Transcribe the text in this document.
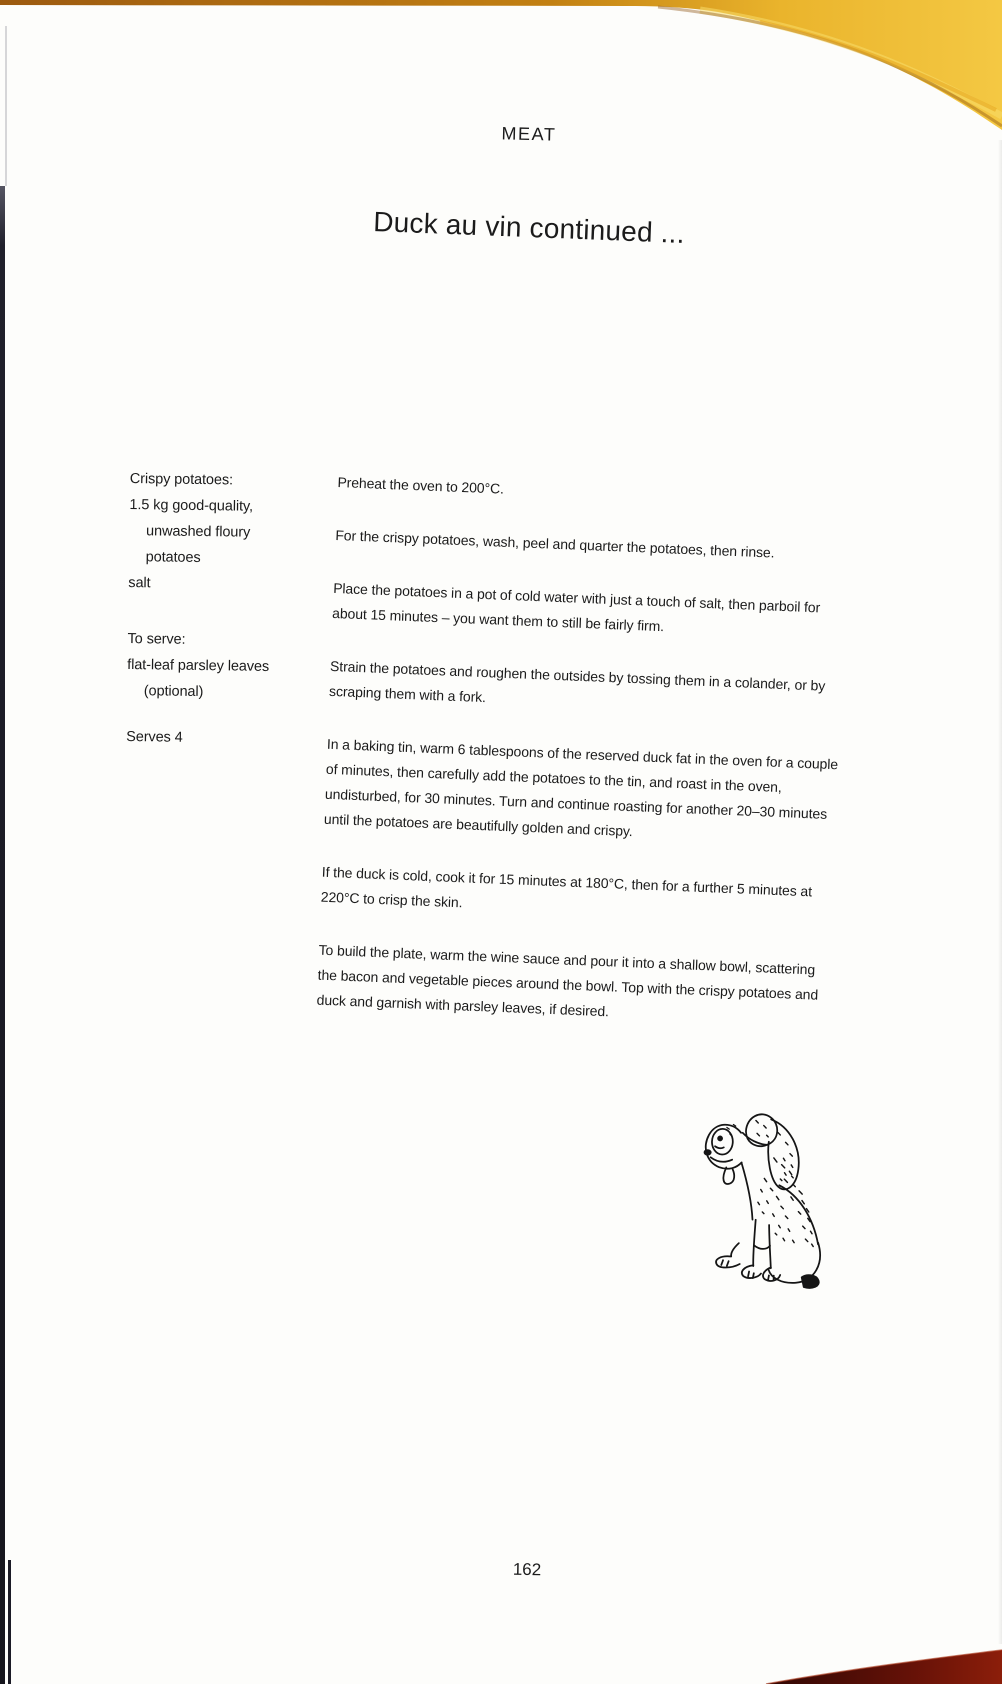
MEAT
Duck au vin continued ...
Crispy potatoes:
1.5 kg good-quality,
unwashed floury
potatoes
salt
To serve:
flat-leaf parsley leaves
(optional)
Serves 4

Preheat the oven to 200°C.

For the crispy potatoes, wash, peel and quarter the potatoes, then rinse.

Place the potatoes in a pot of cold water with just a touch of salt, then parboil for about 15 minutes – you want them to still be fairly firm.

Strain the potatoes and roughen the outsides by tossing them in a colander, or by scraping them with a fork.

In a baking tin, warm 6 tablespoons of the reserved duck fat in the oven for a couple of minutes, then carefully add the potatoes to the tin, and roast in the oven, undisturbed, for 30 minutes. Turn and continue roasting for another 20–30 minutes until the potatoes are beautifully golden and crispy.

If the duck is cold, cook it for 15 minutes at 180°C, then for a further 5 minutes at 220°C to crisp the skin.

To build the plate, warm the wine sauce and pour it into a shallow bowl, scattering the bacon and vegetable pieces around the bowl. Top with the crispy potatoes and duck and garnish with parsley leaves, if desired.

162
